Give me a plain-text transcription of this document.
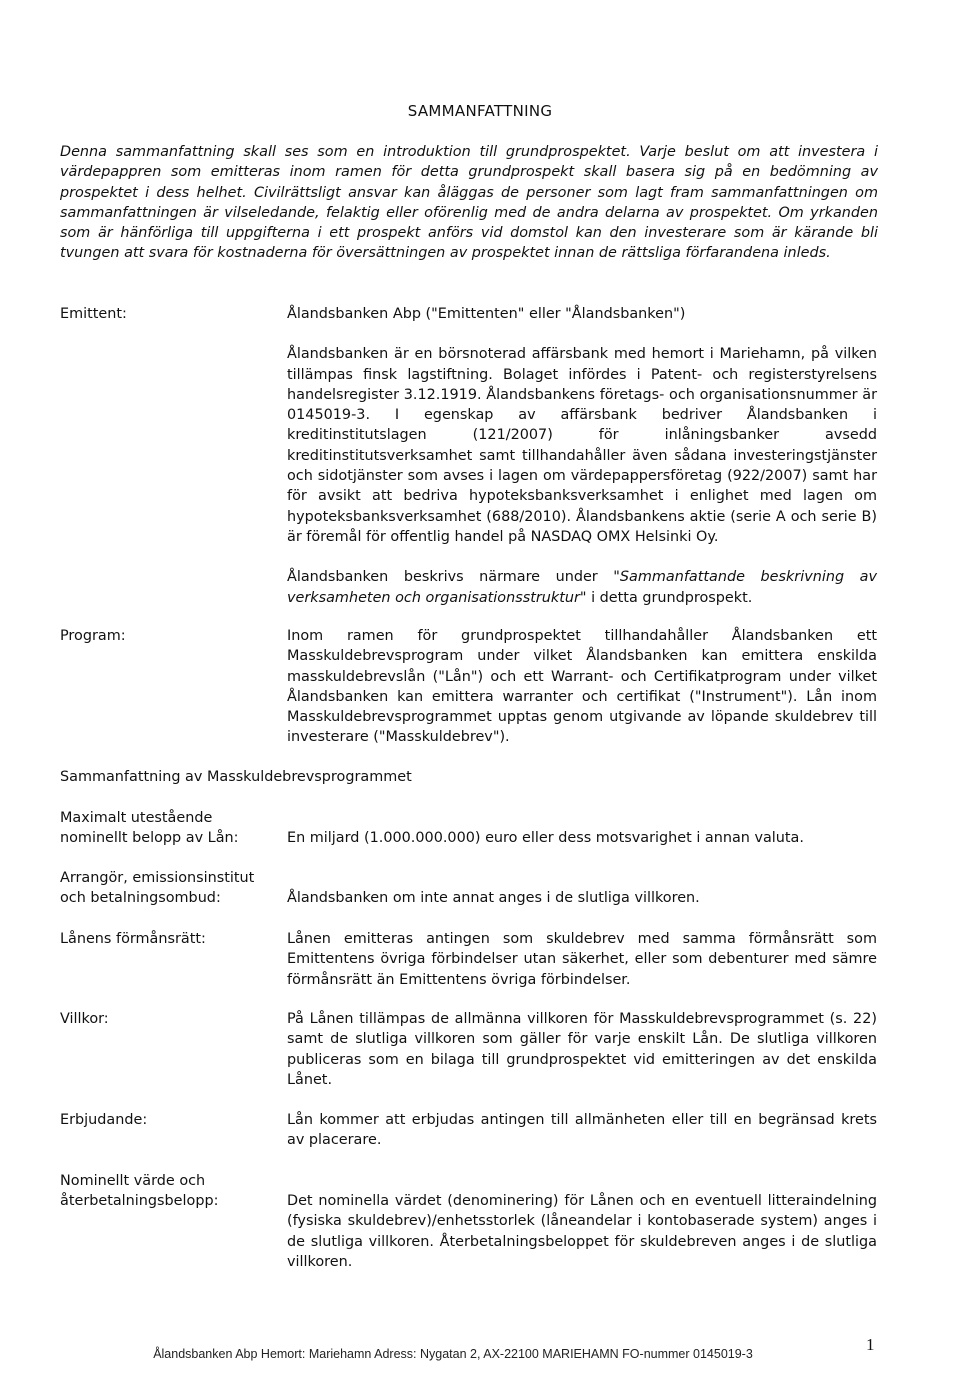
SAMMANFATTNING

Denna sammanfattning skall ses som en introduktion till grundprospektet. Varje beslut om att investera i värdepappren som emitteras inom ramen för detta grundprospekt skall basera sig på en bedömning av prospektet i dess helhet. Civilrättsligt ansvar kan åläggas de personer som lagt fram sammanfattningen om sammanfattningen är vilseledande, felaktig eller oförenlig med de andra delarna av prospektet. Om yrkanden som är hänförliga till uppgifterna i ett prospekt anförs vid domstol kan den investerare som är kärande bli tvungen att svara för kostnaderna för översättningen av prospektet innan de rättsliga förfarandena inleds.

Emittent:	Ålandsbanken Abp ("Emittenten" eller "Ålandsbanken")

Ålandsbanken är en börsnoterad affärsbank med hemort i Mariehamn, på vilken tillämpas finsk lagstiftning. Bolaget infördes i Patent- och registerstyrelsens handelsregister 3.12.1919. Ålandsbankens företags- och organisationsnummer är 0145019-3. I egenskap av affärsbank bedriver Ålandsbanken i kreditinstitutslagen (121/2007) för inlåningsbanker avsedd kreditinstitutsverksamhet samt tillhandahåller även sådana investeringstjänster och sidotjänster som avses i lagen om värdepappersföretag (922/2007) samt har för avsikt att bedriva hypoteksbanksverksamhet i enlighet med lagen om hypoteksbanksverksamhet (688/2010). Ålandsbankens aktie (serie A och serie B) är föremål för offentlig handel på NASDAQ OMX Helsinki Oy.

Ålandsbanken beskrivs närmare under "Sammanfattande beskrivning av verksamheten och organisationsstruktur" i detta grundprospekt.

Program:	Inom ramen för grundprospektet tillhandahåller Ålandsbanken ett Masskuldebrevsprogram under vilket Ålandsbanken kan emittera enskilda masskuldebrevslån ("Lån") och ett Warrant- och Certifikatprogram under vilket Ålandsbanken kan emittera warranter och certifikat ("Instrument"). Lån inom Masskuldebrevsprogrammet upptas genom utgivande av löpande skuldebrev till investerare ("Masskuldebrev").

Sammanfattning av Masskuldebrevsprogrammet
Maximalt utestående nominellt belopp av Lån:	En miljard (1.000.000.000) euro eller dess motsvarighet i annan valuta.
Arrangör, emissionsinstitut och betalningsombud:	Ålandsbanken om inte annat anges i de slutliga villkoren.
Lånens förmånsrätt:	Lånen emitteras antingen som skuldebrev med samma förmånsrätt som Emittentens övriga förbindelser utan säkerhet, eller som debenturer med sämre förmånsrätt än Emittentens övriga förbindelser.
Villkor:	På Lånen tillämpas de allmänna villkoren för Masskuldebrevsprogrammet (s. 22) samt de slutliga villkoren som gäller för varje enskilt Lån. De slutliga villkoren publiceras som en bilaga till grundprospektet vid emitteringen av det enskilda Lånet.
Erbjudande:	Lån kommer att erbjudas antingen till allmänheten eller till en begränsad krets av placerare.
Nominellt värde och återbetalningsbelopp:	Det nominella värdet (denominering) för Lånen och en eventuell litteraindelning (fysiska skuldebrev)/enhetsstorlek (låneandelar i kontobaserade system) anges i de slutliga villkoren. Återbetalningsbeloppet för skuldebreven anges i de slutliga villkoren.
Ålandsbanken Abp Hemort: Mariehamn Adress: Nygatan 2, AX-22100 MARIEHAMN FO-nummer 0145019-3	1
